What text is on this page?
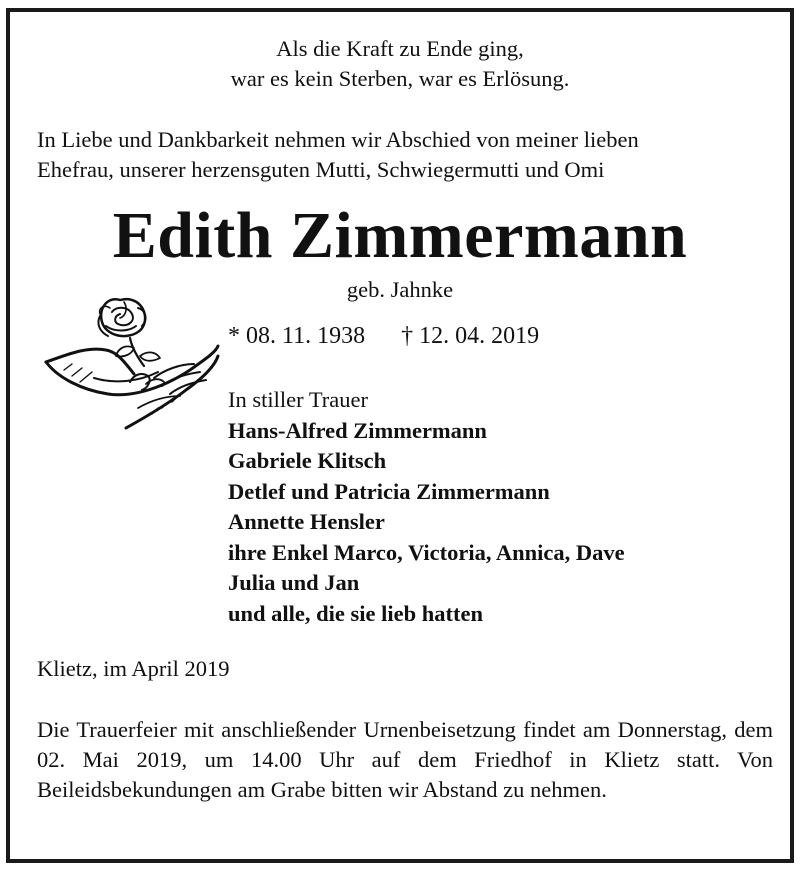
Als die Kraft zu Ende ging,
war es kein Sterben, war es Erlösung.

In Liebe und Dankbarkeit nehmen wir Abschied von meiner lieben
Ehefrau, unserer herzensguten Mutti, Schwiegermutti und Omi

Edith Zimmermann

geb. Jahnke

* 08. 11. 1938 † 12. 04. 2019

In stiller Trauer
Hans-Alfred Zimmermann
Gabriele Klitsch
Detlef und Patricia Zimmermann
Annette Hensler
ihre Enkel Marco, Victoria, Annica, Dave
Julia und Jan
und alle, die sie lieb hatten

Klietz, im April 2019

Die Trauerfeier mit anschließender Urnenbeisetzung findet am Donnerstag, dem 02. Mai 2019, um 14.00 Uhr auf dem Friedhof in Klietz statt. Von Beileidsbekundungen am Grabe bitten wir Abstand zu nehmen.
